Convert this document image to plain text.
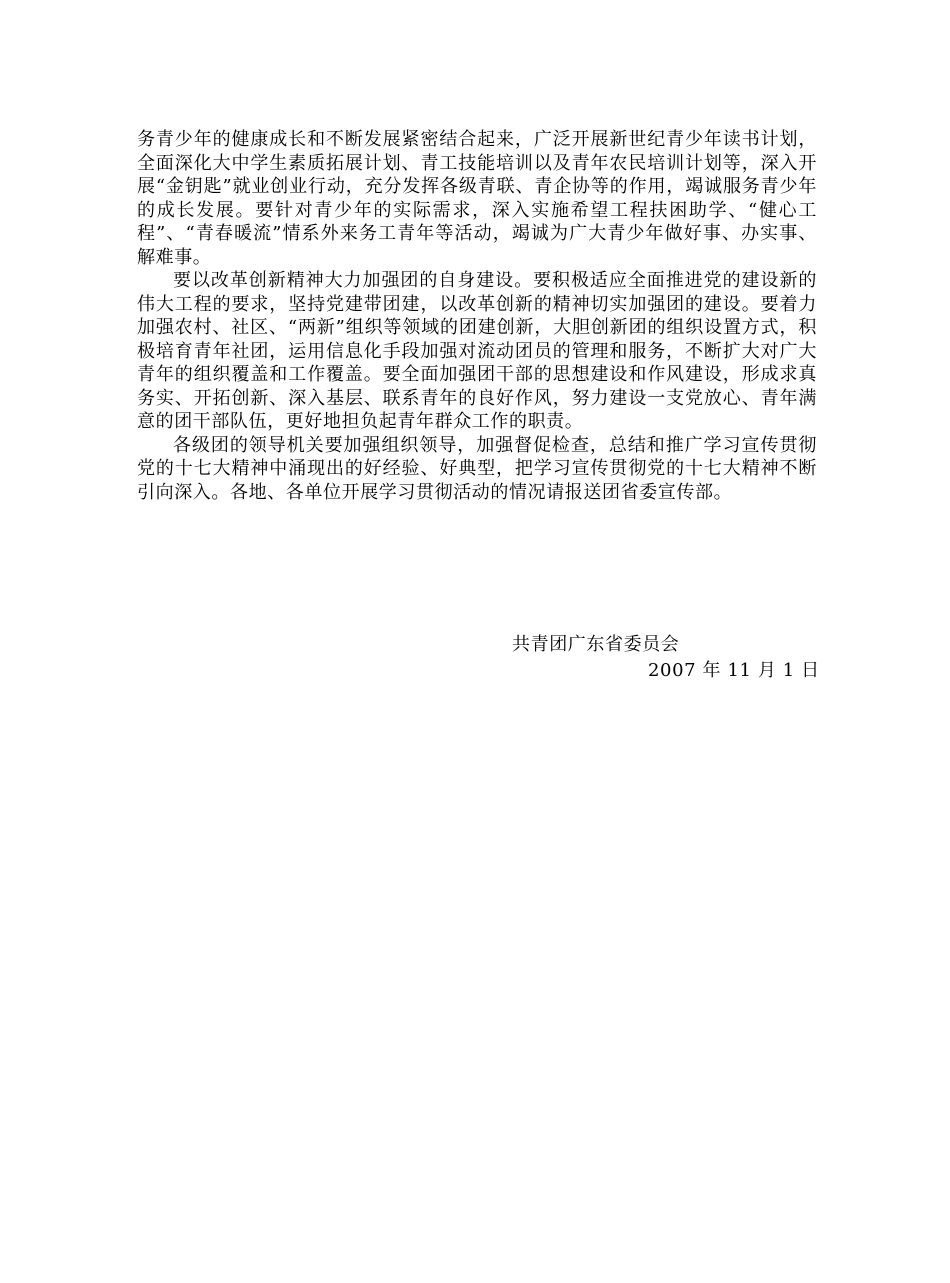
务青少年的健康成长和不断发展紧密结合起来，广泛开展新世纪青少年读书计划，全面深化大中学生素质拓展计划、青工技能培训以及青年农民培训计划等，深入开展“金钥匙”就业创业行动，充分发挥各级青联、青企协等的作用，竭诚服务青少年的成长发展。要针对青少年的实际需求，深入实施希望工程扶困助学、“健心工程”、“青春暖流”情系外来务工青年等活动，竭诚为广大青少年做好事、办实事、解难事。

要以改革创新精神大力加强团的自身建设。要积极适应全面推进党的建设新的伟大工程的要求，坚持党建带团建，以改革创新的精神切实加强团的建设。要着力加强农村、社区、“两新”组织等领域的团建创新，大胆创新团的组织设置方式，积极培育青年社团，运用信息化手段加强对流动团员的管理和服务，不断扩大对广大青年的组织覆盖和工作覆盖。要全面加强团干部的思想建设和作风建设，形成求真务实、开拓创新、深入基层、联系青年的良好作风，努力建设一支党放心、青年满意的团干部队伍，更好地担负起青年群众工作的职责。

各级团的领导机关要加强组织领导，加强督促检查，总结和推广学习宣传贯彻党的十七大精神中涌现出的好经验、好典型，把学习宣传贯彻党的十七大精神不断引向深入。各地、各单位开展学习贯彻活动的情况请报送团省委宣传部。

共青团广东省委员会
2007 年 11 月 1 日
